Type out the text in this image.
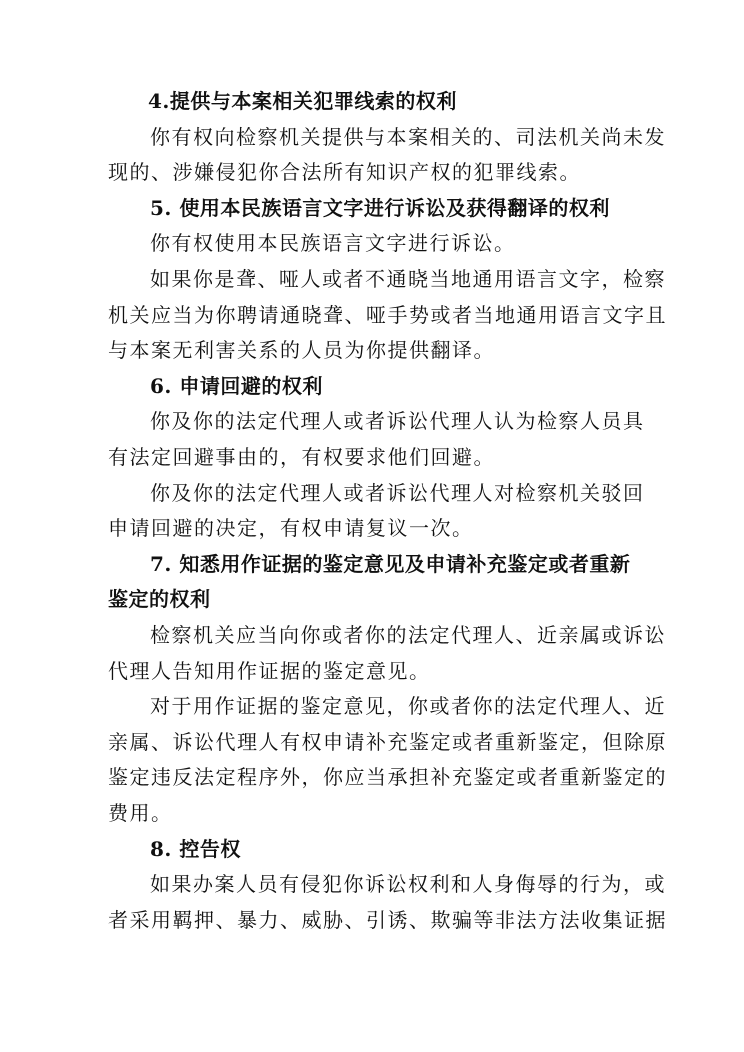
4.提供与本案相关犯罪线索的权利
你有权向检察机关提供与本案相关的、司法机关尚未发
现的、涉嫌侵犯你合法所有知识产权的犯罪线索。
5. 使用本民族语言文字进行诉讼及获得翻译的权利
你有权使用本民族语言文字进行诉讼。
如果你是聋、哑人或者不通晓当地通用语言文字，检察
机关应当为你聘请通晓聋、哑手势或者当地通用语言文字且
与本案无利害关系的人员为你提供翻译。
6. 申请回避的权利
你及你的法定代理人或者诉讼代理人认为检察人员具
有法定回避事由的，有权要求他们回避。
你及你的法定代理人或者诉讼代理人对检察机关驳回
申请回避的决定，有权申请复议一次。
7. 知悉用作证据的鉴定意见及申请补充鉴定或者重新
鉴定的权利
检察机关应当向你或者你的法定代理人、近亲属或诉讼
代理人告知用作证据的鉴定意见。
对于用作证据的鉴定意见，你或者你的法定代理人、近
亲属、诉讼代理人有权申请补充鉴定或者重新鉴定，但除原
鉴定违反法定程序外，你应当承担补充鉴定或者重新鉴定的
费用。
8. 控告权
如果办案人员有侵犯你诉讼权利和人身侮辱的行为，或
者采用羁押、暴力、威胁、引诱、欺骗等非法方法收集证据
